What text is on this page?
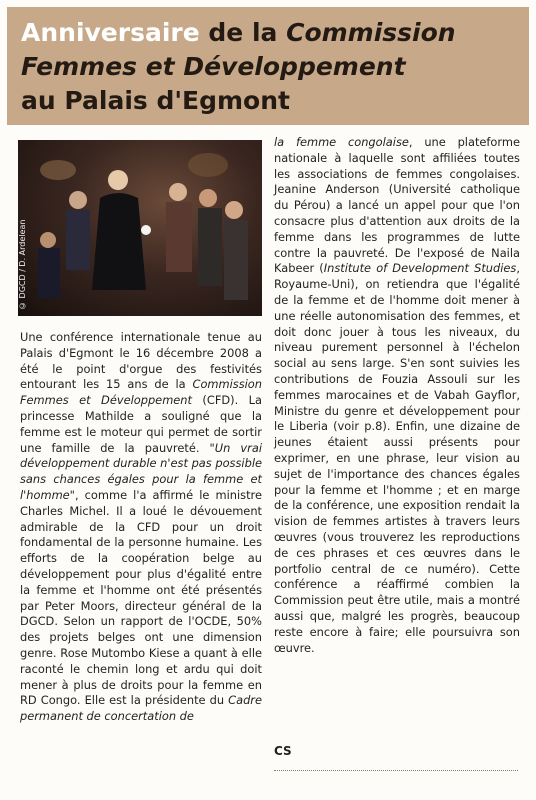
Anniversaire de la Commission Femmes et Développement
au Palais d'Egmont
© DGCD / D. Ardelean

Une conférence internationale tenue au Palais d'Egmont le 16 décembre 2008 a été le point d'orgue des festivités entourant les 15 ans de la Commission Femmes et Développement (CFD). La princesse Mathilde a souligné que la femme est le moteur qui permet de sortir une famille de la pauvreté. "Un vrai développement durable n'est pas possible sans chances égales pour la femme et l'homme", comme l'a affirmé le ministre Charles Michel. Il a loué le dévouement admirable de la CFD pour un droit fondamental de la personne humaine. Les efforts de la coopération belge au développement pour plus d'égalité entre la femme et l'homme ont été présentés par Peter Moors, directeur général de la DGCD. Selon un rapport de l'OCDE, 50% des projets belges ont une dimension genre. Rose Mutombo Kiese a quant à elle raconté le chemin long et ardu qui doit mener à plus de droits pour la femme en RD Congo. Elle est la présidente du Cadre permanent de concertation de

la femme congolaise, une plateforme nationale à laquelle sont affiliées toutes les associations de femmes congolaises. Jeanine Anderson (Université catholique du Pérou) a lancé un appel pour que l'on consacre plus d'attention aux droits de la femme dans les programmes de lutte contre la pauvreté. De l'exposé de Naila Kabeer (Institute of Development Studies, Royaume-Uni), on retiendra que l'égalité de la femme et de l'homme doit mener à une réelle autonomisation des femmes, et doit donc jouer à tous les niveaux, du niveau purement personnel à l'échelon social au sens large. S'en sont suivies les contributions de Fouzia Assouli sur les femmes marocaines et de Vabah Gayflor, Ministre du genre et développement pour le Liberia (voir p.8). Enfin, une dizaine de jeunes étaient aussi présents pour exprimer, en une phrase, leur vision au sujet de l'importance des chances égales pour la femme et l'homme ; et en marge de la conférence, une exposition rendait la vision de femmes artistes à travers leurs œuvres (vous trouverez les reproductions de ces phrases et ces œuvres dans le portfolio central de ce numéro). Cette conférence a réaffirmé combien la Commission peut être utile, mais a montré aussi que, malgré les progrès, beaucoup reste encore à faire; elle poursuivra son œuvre.

CS
